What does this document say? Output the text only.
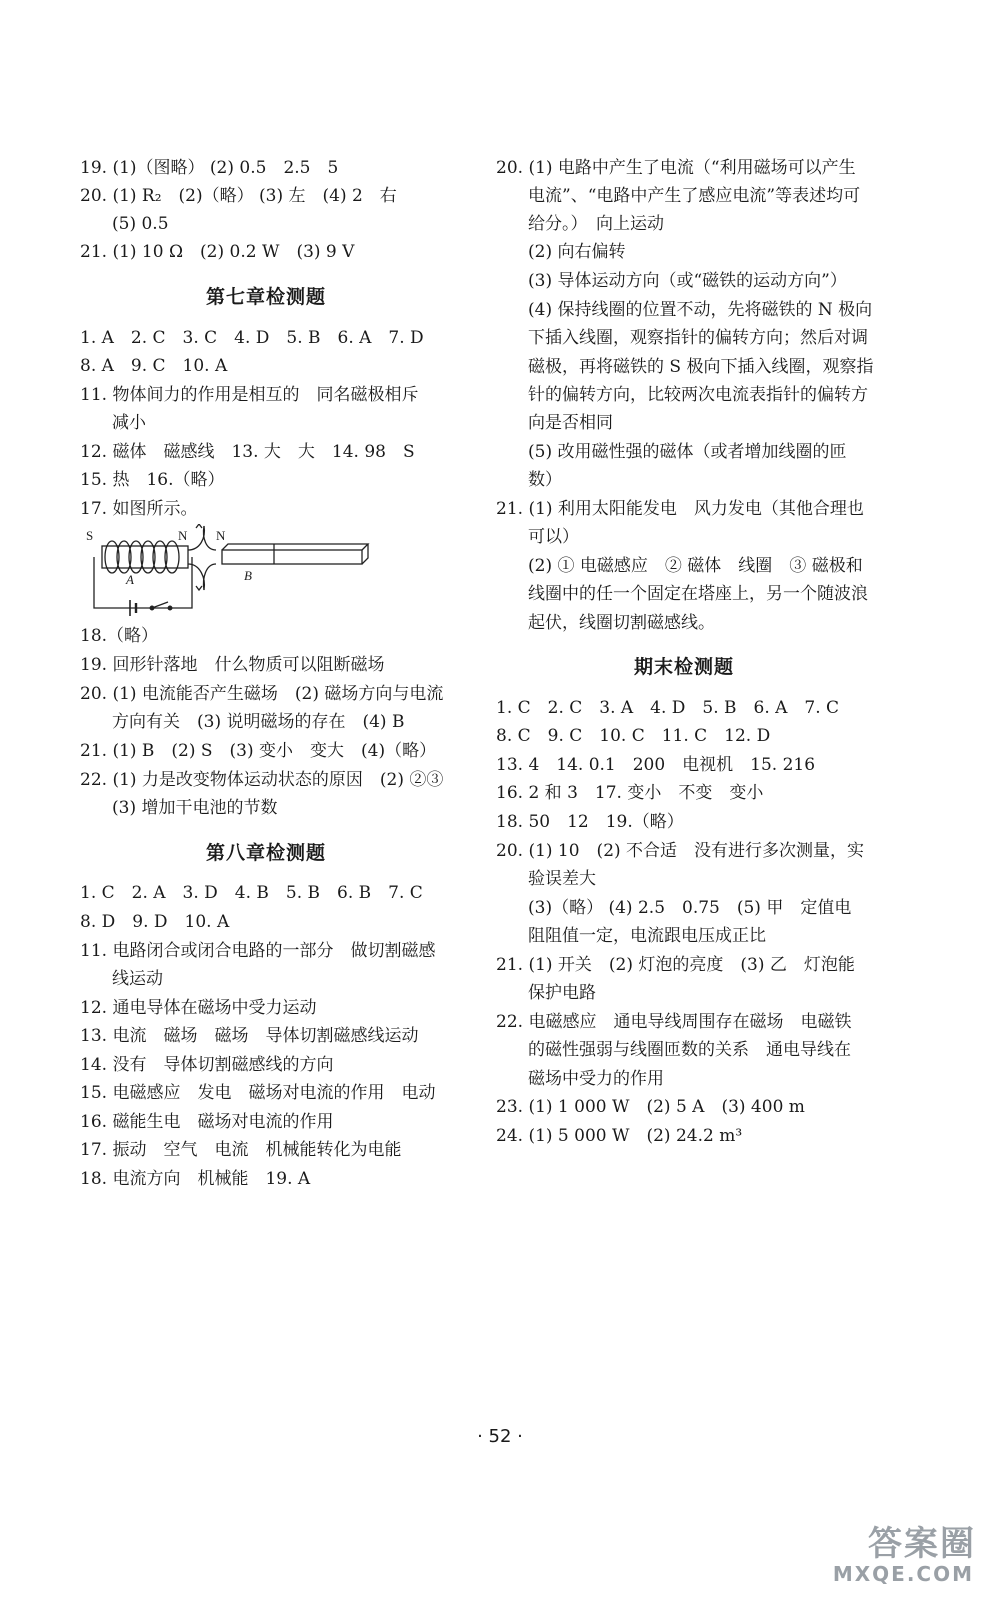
19. (1)（图略） (2) 0.5　2.5　5
20. (1) R₂　(2)（略） (3) 左　(4) 2　右
(5) 0.5
21. (1) 10 Ω　(2) 0.2 W　(3) 9 V
第七章检测题
1. A　2. C　3. C　4. D　5. B　6. A　7. D
8. A　9. C　10. A
11. 物体间力的作用是相互的　同名磁极相斥
减小
12. 磁体　磁感线　13. 大　大　14. 98　S
15. 热　16.（略）
17. 如图所示。
18.（略）
19. 回形针落地　什么物质可以阻断磁场
20. (1) 电流能否产生磁场　(2) 磁场方向与电流
方向有关　(3) 说明磁场的存在　(4) B
21. (1) B　(2) S　(3) 变小　变大　(4)（略）
22. (1) 力是改变物体运动状态的原因　(2) ②③
(3) 增加干电池的节数
第八章检测题
1. C　2. A　3. D　4. B　5. B　6. B　7. C
8. D　9. D　10. A
11. 电路闭合或闭合电路的一部分　做切割磁感
线运动
12. 通电导体在磁场中受力运动
13. 电流　磁场　磁场　导体切割磁感线运动
14. 没有　导体切割磁感线的方向
15. 电磁感应　发电　磁场对电流的作用　电动
16. 磁能生电　磁场对电流的作用
17. 振动　空气　电流　机械能转化为电能
18. 电流方向　机械能　19. A
S	N N
A	B
20. (1) 电路中产生了电流（“利用磁场可以产生
电流”、“电路中产生了感应电流”等表述均可
给分。）　向上运动
(2) 向右偏转
(3) 导体运动方向（或“磁铁的运动方向”）
(4) 保持线圈的位置不动，先将磁铁的 N 极向
下插入线圈，观察指针的偏转方向；然后对调
磁极，再将磁铁的 S 极向下插入线圈，观察指
针的偏转方向，比较两次电流表指针的偏转方
向是否相同
(5) 改用磁性强的磁体（或者增加线圈的匝
数）
21. (1) 利用太阳能发电　风力发电（其他合理也
可以）
(2) ① 电磁感应　② 磁体　线圈　③ 磁极和
线圈中的任一个固定在塔座上，另一个随波浪
起伏，线圈切割磁感线。
期末检测题
1. C　2. C　3. A　4. D　5. B　6. A　7. C
8. C　9. C　10. C　11. C　12. D
13. 4　14. 0.1　200　电视机　15. 216
16. 2 和 3　17. 变小　不变　变小
18. 50　12　19.（略）
20. (1) 10　(2) 不合适　没有进行多次测量，实
验误差大
(3)（略） (4) 2.5　0.75　(5) 甲　定值电
阻阻值一定，电流跟电压成正比
21. (1) 开关　(2) 灯泡的亮度　(3) 乙　灯泡能
保护电路
22. 电磁感应　通电导线周围存在磁场　电磁铁
的磁性强弱与线圈匝数的关系　通电导线在
磁场中受力的作用
23. (1) 1 000 W　(2) 5 A　(3) 400 m
24. (1) 5 000 W　(2) 24.2 m³
· 52 ·
答案圈
MXQE.COM
